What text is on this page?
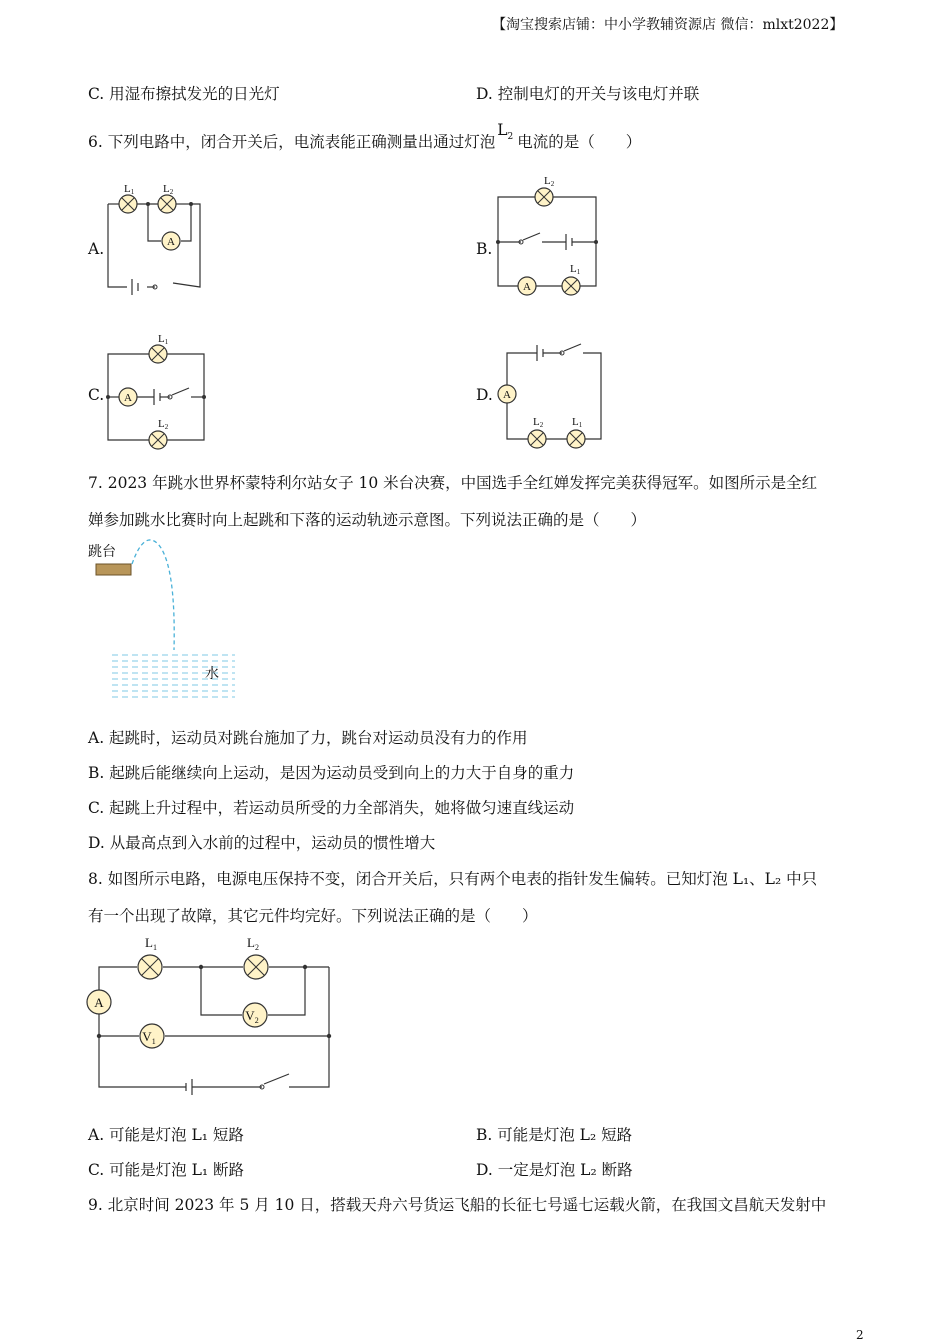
【淘宝搜索店铺：中小学教辅资源店 微信：mlxt2022】
C. 用湿布擦拭发光的日光灯	D. 控制电灯的开关与该电灯并联
6. 下列电路中，闭合开关后，电流表能正确测量出通过灯泡$L^2$ 电流的是（　　）
A.	B.
C.	D.
A
L1	L2
A
L2
L1
A
L1
L2
A
L2	L1
7. 2023 年跳水世界杯蒙特利尔站女子 10 米台决赛，中国选手全红婵发挥完美获得冠军。如图所示是全红
婵参加跳水比赛时向上起跳和下落的运动轨迹示意图。下列说法正确的是（　　）
跳台
水
A. 起跳时，运动员对跳台施加了力，跳台对运动员没有力的作用
B. 起跳后能继续向上运动，是因为运动员受到向上的力大于自身的重力
C. 起跳上升过程中，若运动员所受的力全部消失，她将做匀速直线运动
D. 从最高点到入水前的过程中，运动员的惯性增大
8. 如图所示电路，电源电压保持不变，闭合开关后，只有两个电表的指针发生偏转。已知灯泡 L₁、L₂ 中只
有一个出现了故障，其它元件均完好。下列说法正确的是（　　）
A
$V_2$
$V_1$
$L_1$	$L_2$
A. 可能是灯泡 L₁ 短路	B. 可能是灯泡 L₂ 短路
C. 可能是灯泡 L₁ 断路	D. 一定是灯泡 L₂ 断路
9. 北京时间 2023 年 5 月 10 日，搭载天舟六号货运飞船的长征七号遥七运载火箭，在我国文昌航天发射中
2
